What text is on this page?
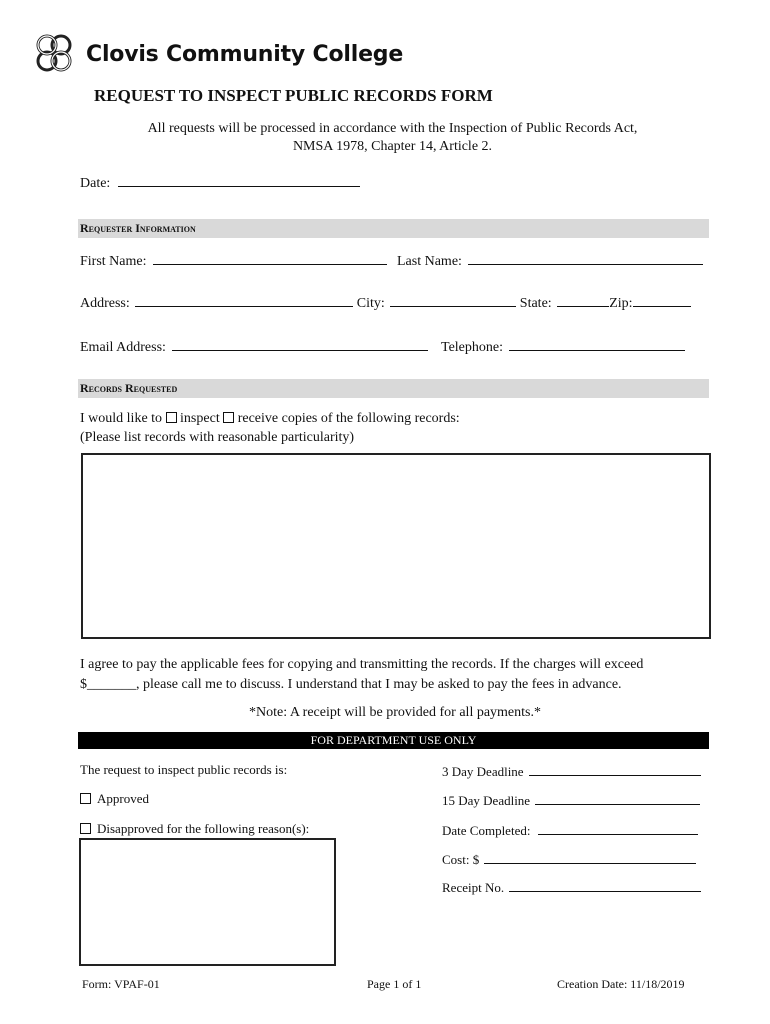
Clovis Community College
REQUEST TO INSPECT PUBLIC RECORDS FORM
All requests will be processed in accordance with the Inspection of Public Records Act,
NMSA 1978, Chapter 14, Article 2.
Date:
Requester Information
First Name:	Last Name:
Address:	City:	State:	Zip:
Email Address:	Telephone:
Records Requested
I would like to inspect receive copies of the following records:
(Please list records with reasonable particularity)
I agree to pay the applicable fees for copying and transmitting the records. If the charges will exceed
$_______, please call me to discuss. I understand that I may be asked to pay the fees in advance.
*Note: A receipt will be provided for all payments.*
FOR DEPARTMENT USE ONLY
The request to inspect public records is:
Approved
Disapproved for the following reason(s):
3 Day Deadline
15 Day Deadline
Date Completed:
Cost: $
Receipt No.
Form: VPAF-01	Page 1 of 1	Creation Date: 11/18/2019
